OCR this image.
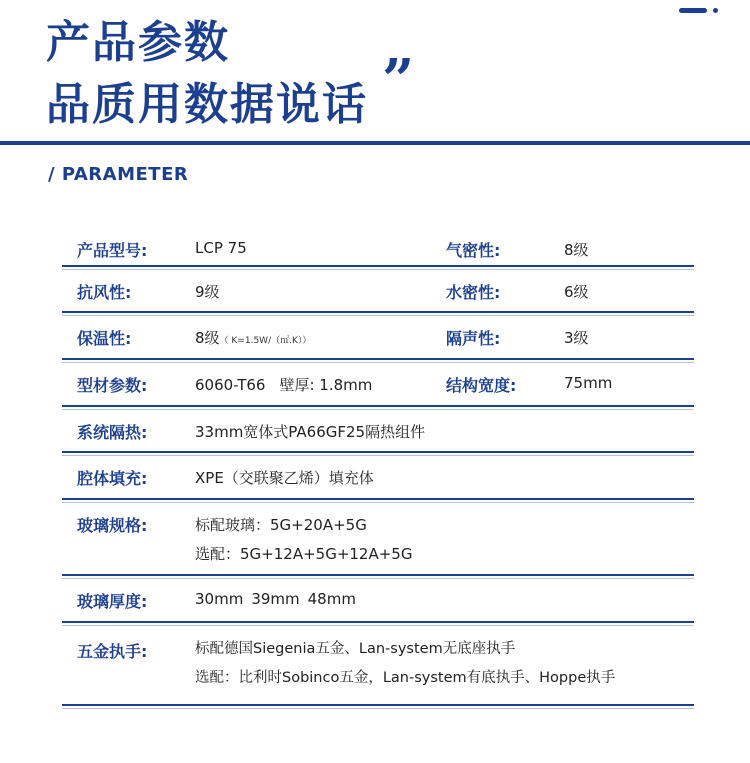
产品参数
品质用数据说话 ”
/ PARAMETER
产品型号:	LCP 75	气密性:	8级
抗风性:	9级	水密性:	6级
保温性:	8级（ K=1.5W/（㎡.K））	隔声性:	3级
型材参数:	6060-T66 壁厚: 1.8mm	结构宽度:	75mm
系统隔热:	33mm宽体式PA66GF25隔热组件
腔体填充:	XPE（交联聚乙烯）填充体
玻璃规格:	标配玻璃：5G+20A+5G
选配：5G+12A+5G+12A+5G
玻璃厚度:	30mm 39mm 48mm
五金执手:	标配德国Siegenia五金、Lan-system无底座执手
选配：比利时Sobinco五金，Lan-system有底执手、Hoppe执手
